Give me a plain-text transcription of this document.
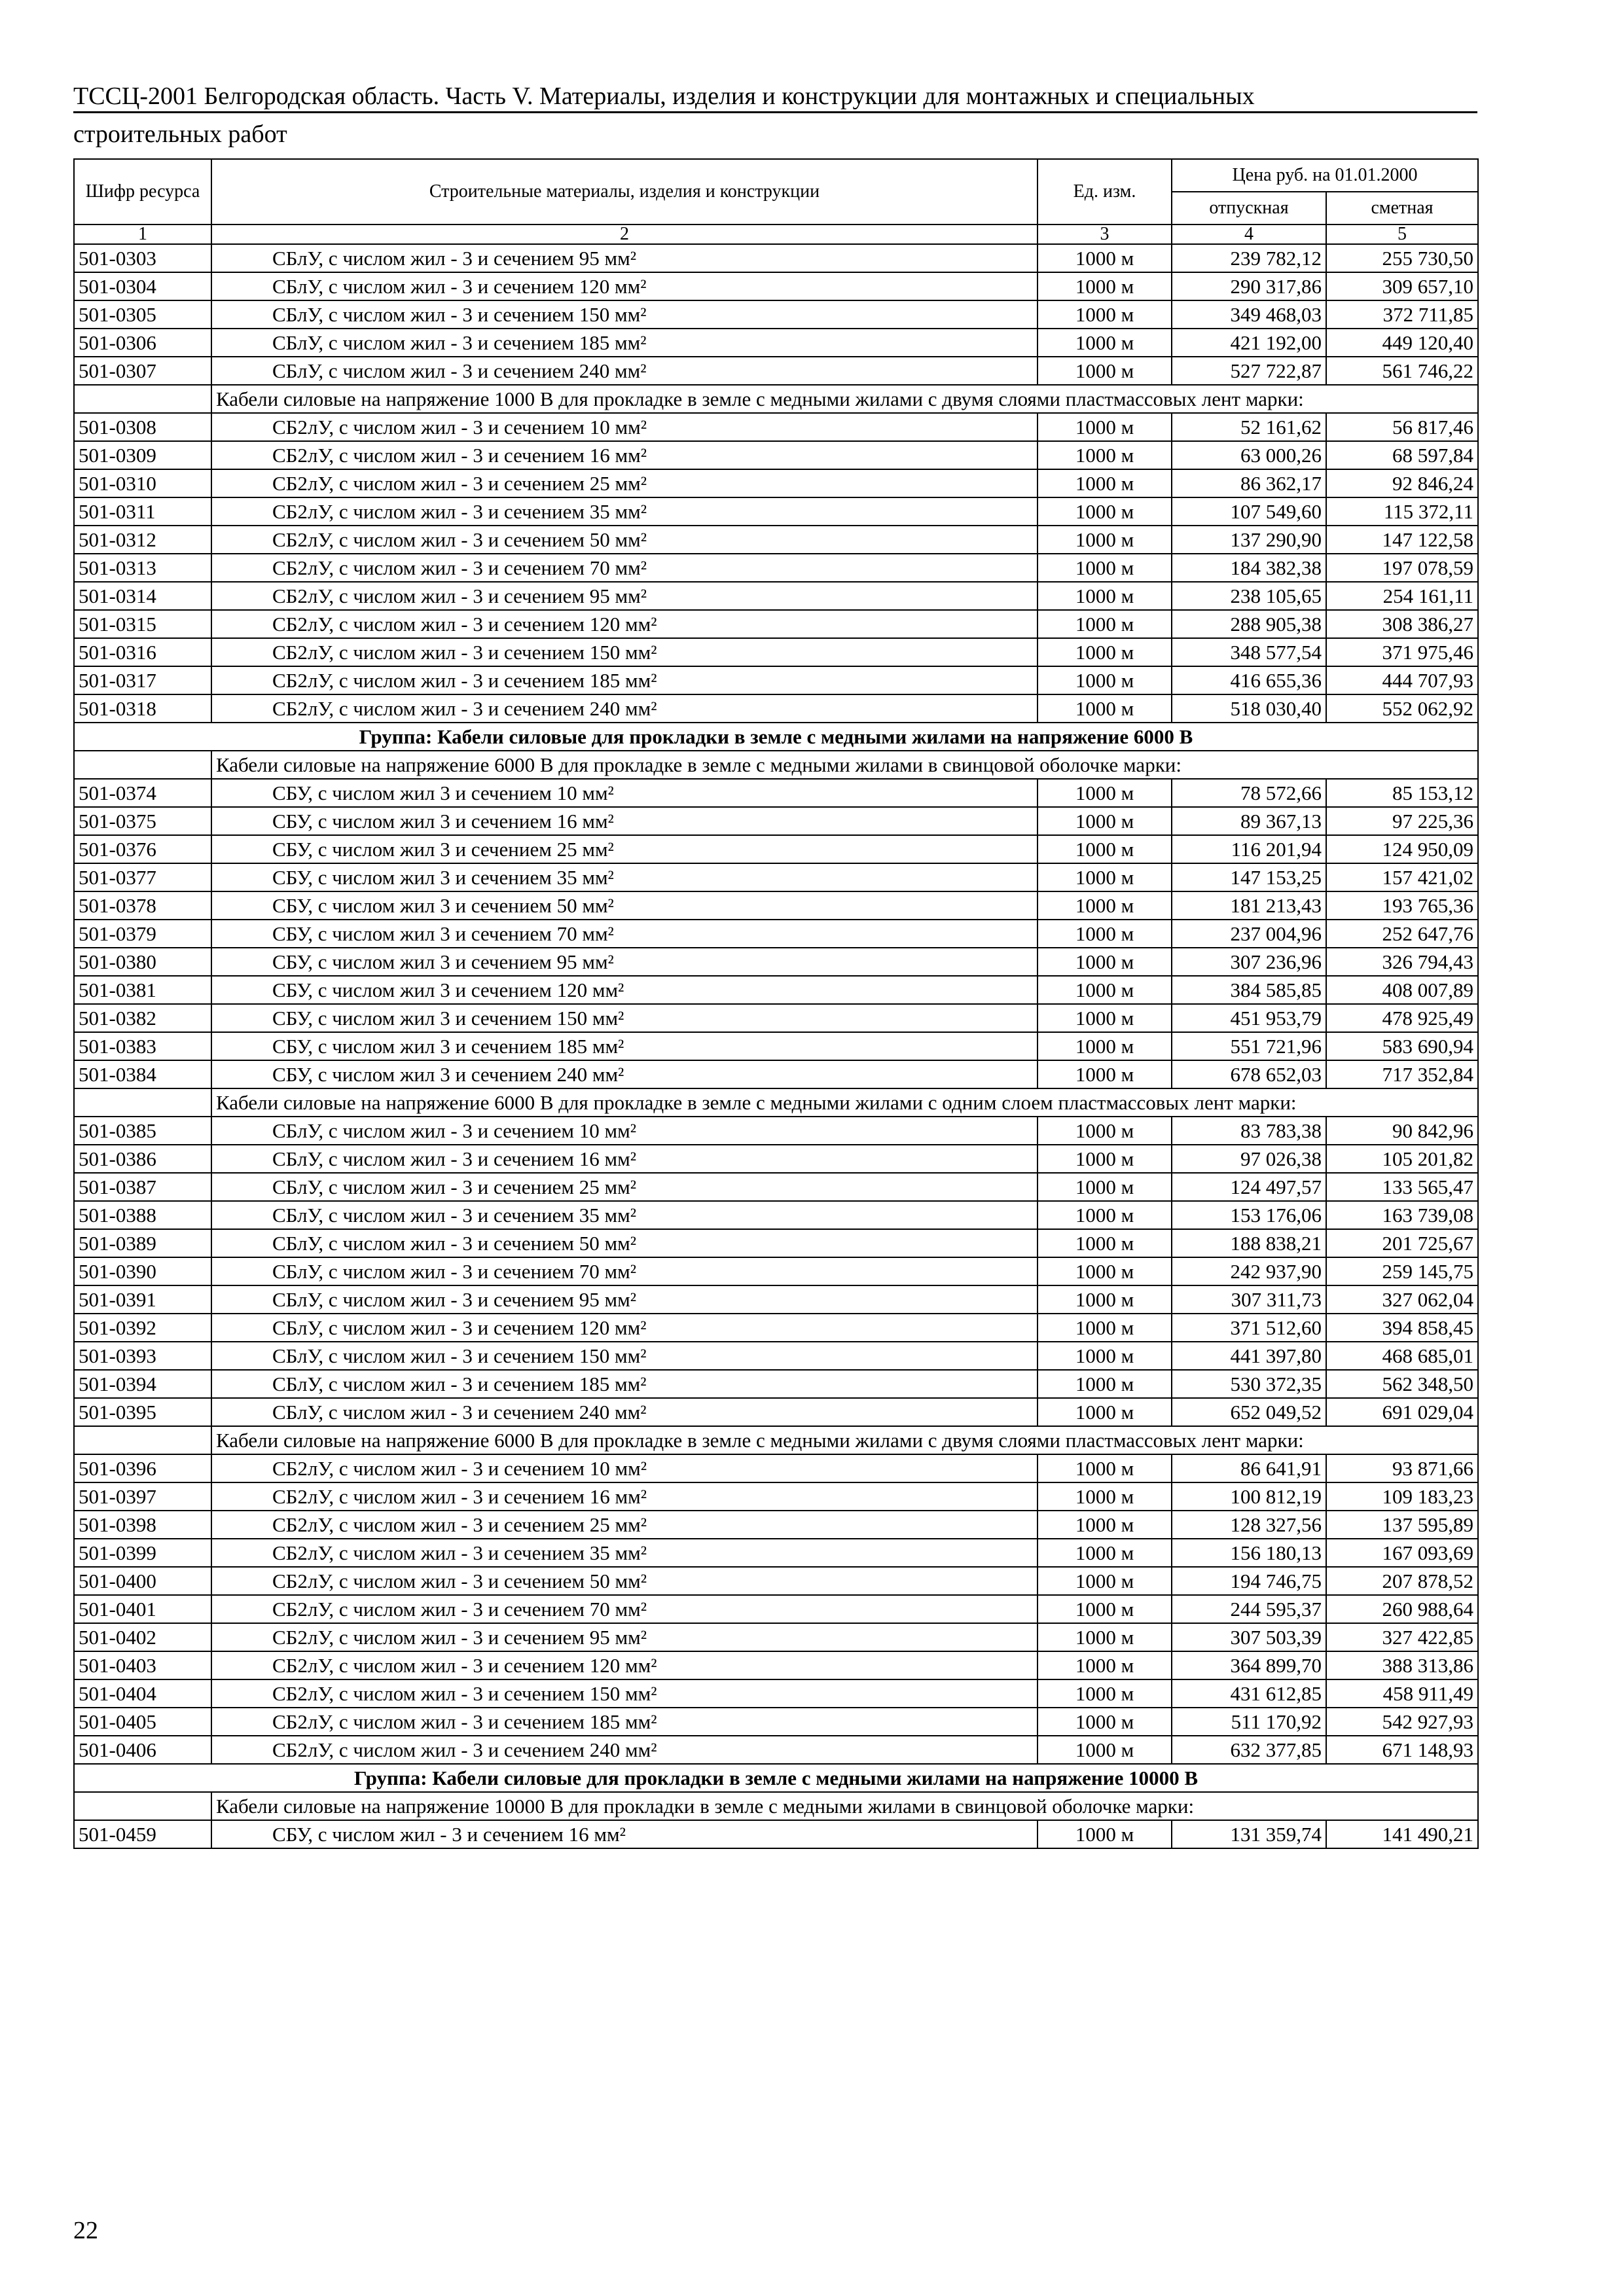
ТССЦ-2001 Белгородская область. Часть V. Материалы, изделия и конструкции для монтажных и специальных
строительных работ
Шифр ресурса	Строительные материалы, изделия и конструкции	Ед. изм.	Цена руб. на 01.01.2000	
			отпускная	сметная
1	2	3	4	5
501-0303	СБлУ, с числом жил - 3 и сечением 95 мм²	1000 м	239 782,12	255 730,50
501-0304	СБлУ, с числом жил - 3 и сечением 120 мм²	1000 м	290 317,86	309 657,10
501-0305	СБлУ, с числом жил - 3 и сечением 150 мм²	1000 м	349 468,03	372 711,85
501-0306	СБлУ, с числом жил - 3 и сечением 185 мм²	1000 м	421 192,00	449 120,40
501-0307	СБлУ, с числом жил - 3 и сечением 240 мм²	1000 м	527 722,87	561 746,22
	Кабели силовые на напряжение 1000 В для прокладке в земле с медными жилами с двумя слоями пластмассовых лент марки:			
501-0308	СБ2лУ, с числом жил - 3 и сечением 10 мм²	1000 м	52 161,62	56 817,46
501-0309	СБ2лУ, с числом жил - 3 и сечением 16 мм²	1000 м	63 000,26	68 597,84
501-0310	СБ2лУ, с числом жил - 3 и сечением 25 мм²	1000 м	86 362,17	92 846,24
501-0311	СБ2лУ, с числом жил - 3 и сечением 35 мм²	1000 м	107 549,60	115 372,11
501-0312	СБ2лУ, с числом жил - 3 и сечением 50 мм²	1000 м	137 290,90	147 122,58
501-0313	СБ2лУ, с числом жил - 3 и сечением 70 мм²	1000 м	184 382,38	197 078,59
501-0314	СБ2лУ, с числом жил - 3 и сечением 95 мм²	1000 м	238 105,65	254 161,11
501-0315	СБ2лУ, с числом жил - 3 и сечением 120 мм²	1000 м	288 905,38	308 386,27
501-0316	СБ2лУ, с числом жил - 3 и сечением 150 мм²	1000 м	348 577,54	371 975,46
501-0317	СБ2лУ, с числом жил - 3 и сечением 185 мм²	1000 м	416 655,36	444 707,93
501-0318	СБ2лУ, с числом жил - 3 и сечением 240 мм²	1000 м	518 030,40	552 062,92
Группа: Кабели силовые для прокладки в земле с медными жилами на напряжение 6000 В				
	Кабели силовые на напряжение 6000 В для прокладке в земле с медными жилами в свинцовой оболочке марки:			
501-0374	СБУ, с числом жил 3 и сечением 10 мм²	1000 м	78 572,66	85 153,12
501-0375	СБУ, с числом жил 3 и сечением 16 мм²	1000 м	89 367,13	97 225,36
501-0376	СБУ, с числом жил 3 и сечением 25 мм²	1000 м	116 201,94	124 950,09
501-0377	СБУ, с числом жил 3 и сечением 35 мм²	1000 м	147 153,25	157 421,02
501-0378	СБУ, с числом жил 3 и сечением 50 мм²	1000 м	181 213,43	193 765,36
501-0379	СБУ, с числом жил 3 и сечением 70 мм²	1000 м	237 004,96	252 647,76
501-0380	СБУ, с числом жил 3 и сечением 95 мм²	1000 м	307 236,96	326 794,43
501-0381	СБУ, с числом жил 3 и сечением 120 мм²	1000 м	384 585,85	408 007,89
501-0382	СБУ, с числом жил 3 и сечением 150 мм²	1000 м	451 953,79	478 925,49
501-0383	СБУ, с числом жил 3 и сечением 185 мм²	1000 м	551 721,96	583 690,94
501-0384	СБУ, с числом жил 3 и сечением 240 мм²	1000 м	678 652,03	717 352,84
	Кабели силовые на напряжение 6000 В для прокладке в земле с медными жилами с одним слоем пластмассовых лент марки:			
501-0385	СБлУ, с числом жил - 3 и сечением 10 мм²	1000 м	83 783,38	90 842,96
501-0386	СБлУ, с числом жил - 3 и сечением 16 мм²	1000 м	97 026,38	105 201,82
501-0387	СБлУ, с числом жил - 3 и сечением 25 мм²	1000 м	124 497,57	133 565,47
501-0388	СБлУ, с числом жил - 3 и сечением 35 мм²	1000 м	153 176,06	163 739,08
501-0389	СБлУ, с числом жил - 3 и сечением 50 мм²	1000 м	188 838,21	201 725,67
501-0390	СБлУ, с числом жил - 3 и сечением 70 мм²	1000 м	242 937,90	259 145,75
501-0391	СБлУ, с числом жил - 3 и сечением 95 мм²	1000 м	307 311,73	327 062,04
501-0392	СБлУ, с числом жил - 3 и сечением 120 мм²	1000 м	371 512,60	394 858,45
501-0393	СБлУ, с числом жил - 3 и сечением 150 мм²	1000 м	441 397,80	468 685,01
501-0394	СБлУ, с числом жил - 3 и сечением 185 мм²	1000 м	530 372,35	562 348,50
501-0395	СБлУ, с числом жил - 3 и сечением 240 мм²	1000 м	652 049,52	691 029,04
	Кабели силовые на напряжение 6000 В для прокладке в земле с медными жилами с двумя слоями пластмассовых лент марки:			
501-0396	СБ2лУ, с числом жил - 3 и сечением 10 мм²	1000 м	86 641,91	93 871,66
501-0397	СБ2лУ, с числом жил - 3 и сечением 16 мм²	1000 м	100 812,19	109 183,23
501-0398	СБ2лУ, с числом жил - 3 и сечением 25 мм²	1000 м	128 327,56	137 595,89
501-0399	СБ2лУ, с числом жил - 3 и сечением 35 мм²	1000 м	156 180,13	167 093,69
501-0400	СБ2лУ, с числом жил - 3 и сечением 50 мм²	1000 м	194 746,75	207 878,52
501-0401	СБ2лУ, с числом жил - 3 и сечением 70 мм²	1000 м	244 595,37	260 988,64
501-0402	СБ2лУ, с числом жил - 3 и сечением 95 мм²	1000 м	307 503,39	327 422,85
501-0403	СБ2лУ, с числом жил - 3 и сечением 120 мм²	1000 м	364 899,70	388 313,86
501-0404	СБ2лУ, с числом жил - 3 и сечением 150 мм²	1000 м	431 612,85	458 911,49
501-0405	СБ2лУ, с числом жил - 3 и сечением 185 мм²	1000 м	511 170,92	542 927,93
501-0406	СБ2лУ, с числом жил - 3 и сечением 240 мм²	1000 м	632 377,85	671 148,93
Группа: Кабели силовые для прокладки в земле с медными жилами на напряжение 10000 В				
	Кабели силовые на напряжение 10000 В для прокладки в земле с медными жилами в свинцовой оболочке марки:			
501-0459	СБУ, с числом жил - 3 и сечением 16 мм²	1000 м	131 359,74	141 490,21
22
